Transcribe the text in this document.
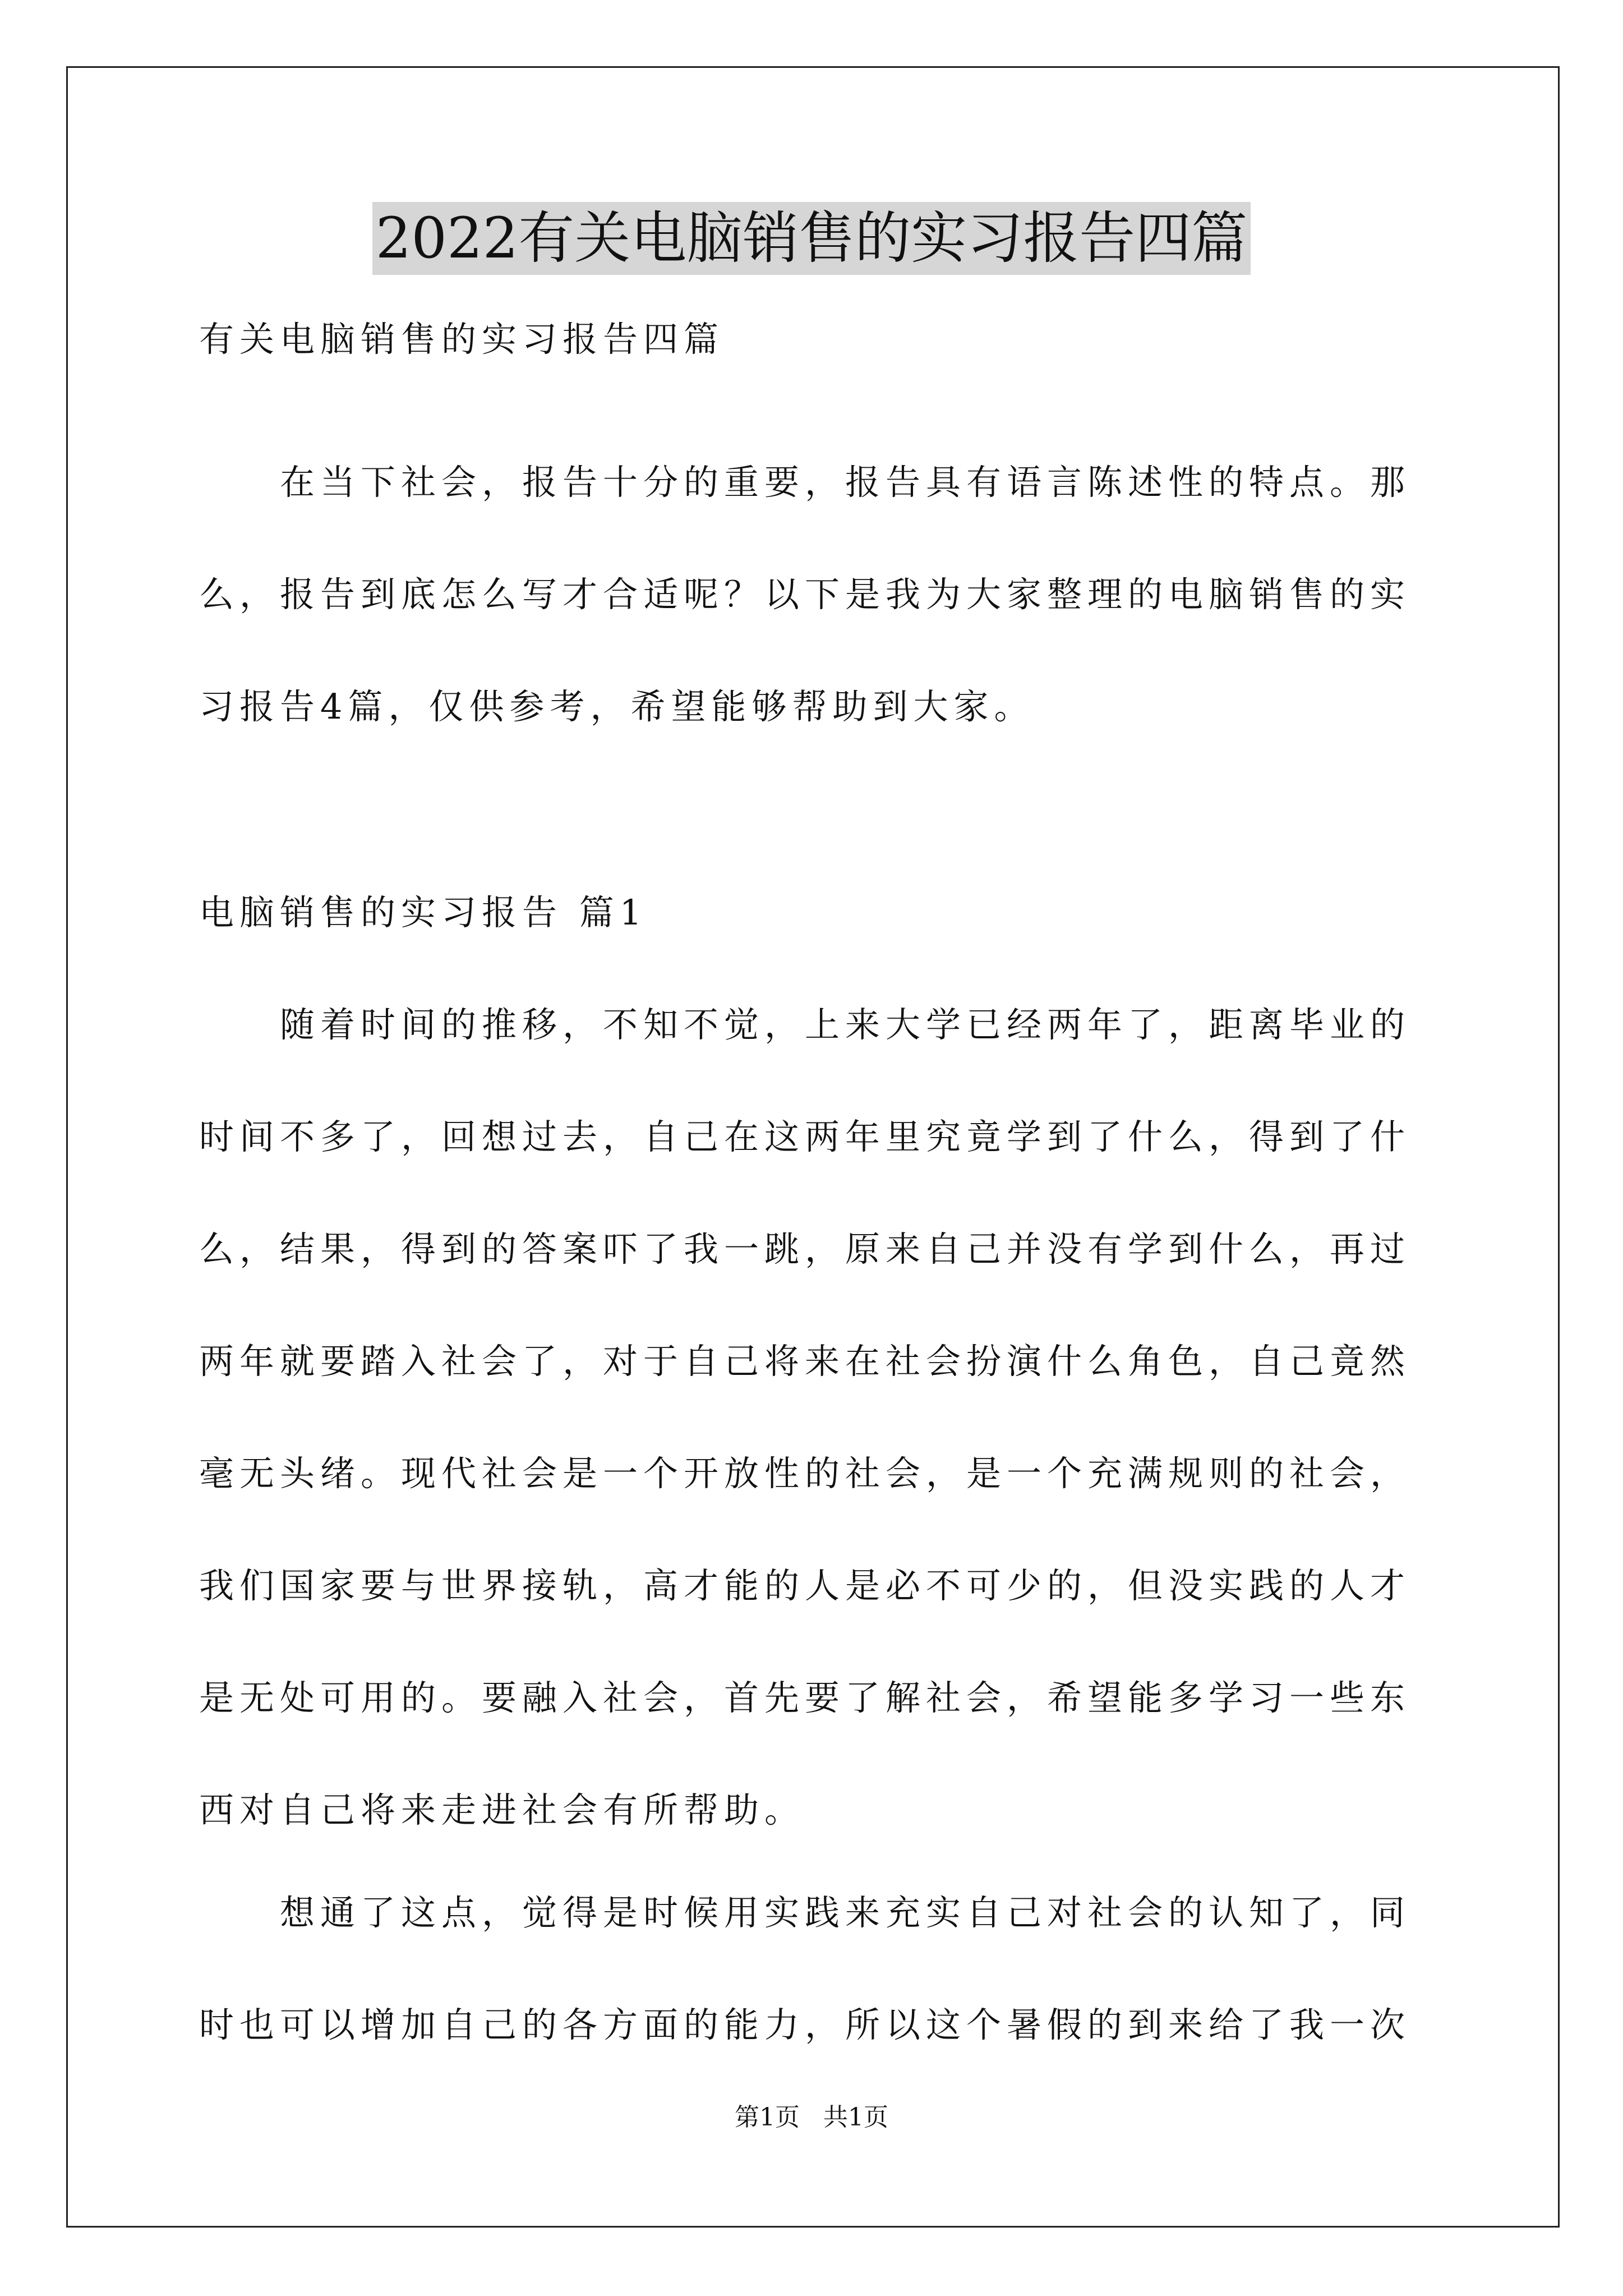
2022有关电脑销售的实习报告四篇
有关电脑销售的实习报告四篇
　　在当下社会，报告十分的重要，报告具有语言陈述性的特点。那
么，报告到底怎么写才合适呢？以下是我为大家整理的电脑销售的实
习报告4篇，仅供参考，希望能够帮助到大家。
电脑销售的实习报告 篇1
　　随着时间的推移，不知不觉，上来大学已经两年了，距离毕业的
时间不多了，回想过去，自己在这两年里究竟学到了什么，得到了什
么，结果，得到的答案吓了我一跳，原来自己并没有学到什么，再过
两年就要踏入社会了，对于自己将来在社会扮演什么角色，自己竟然
毫无头绪。现代社会是一个开放性的社会，是一个充满规则的社会，
我们国家要与世界接轨，高才能的人是必不可少的，但没实践的人才
是无处可用的。要融入社会，首先要了解社会，希望能多学习一些东
西对自己将来走进社会有所帮助。
　　想通了这点，觉得是时候用实践来充实自己对社会的认知了，同
时也可以增加自己的各方面的能力，所以这个暑假的到来给了我一次
第1页 共1页
